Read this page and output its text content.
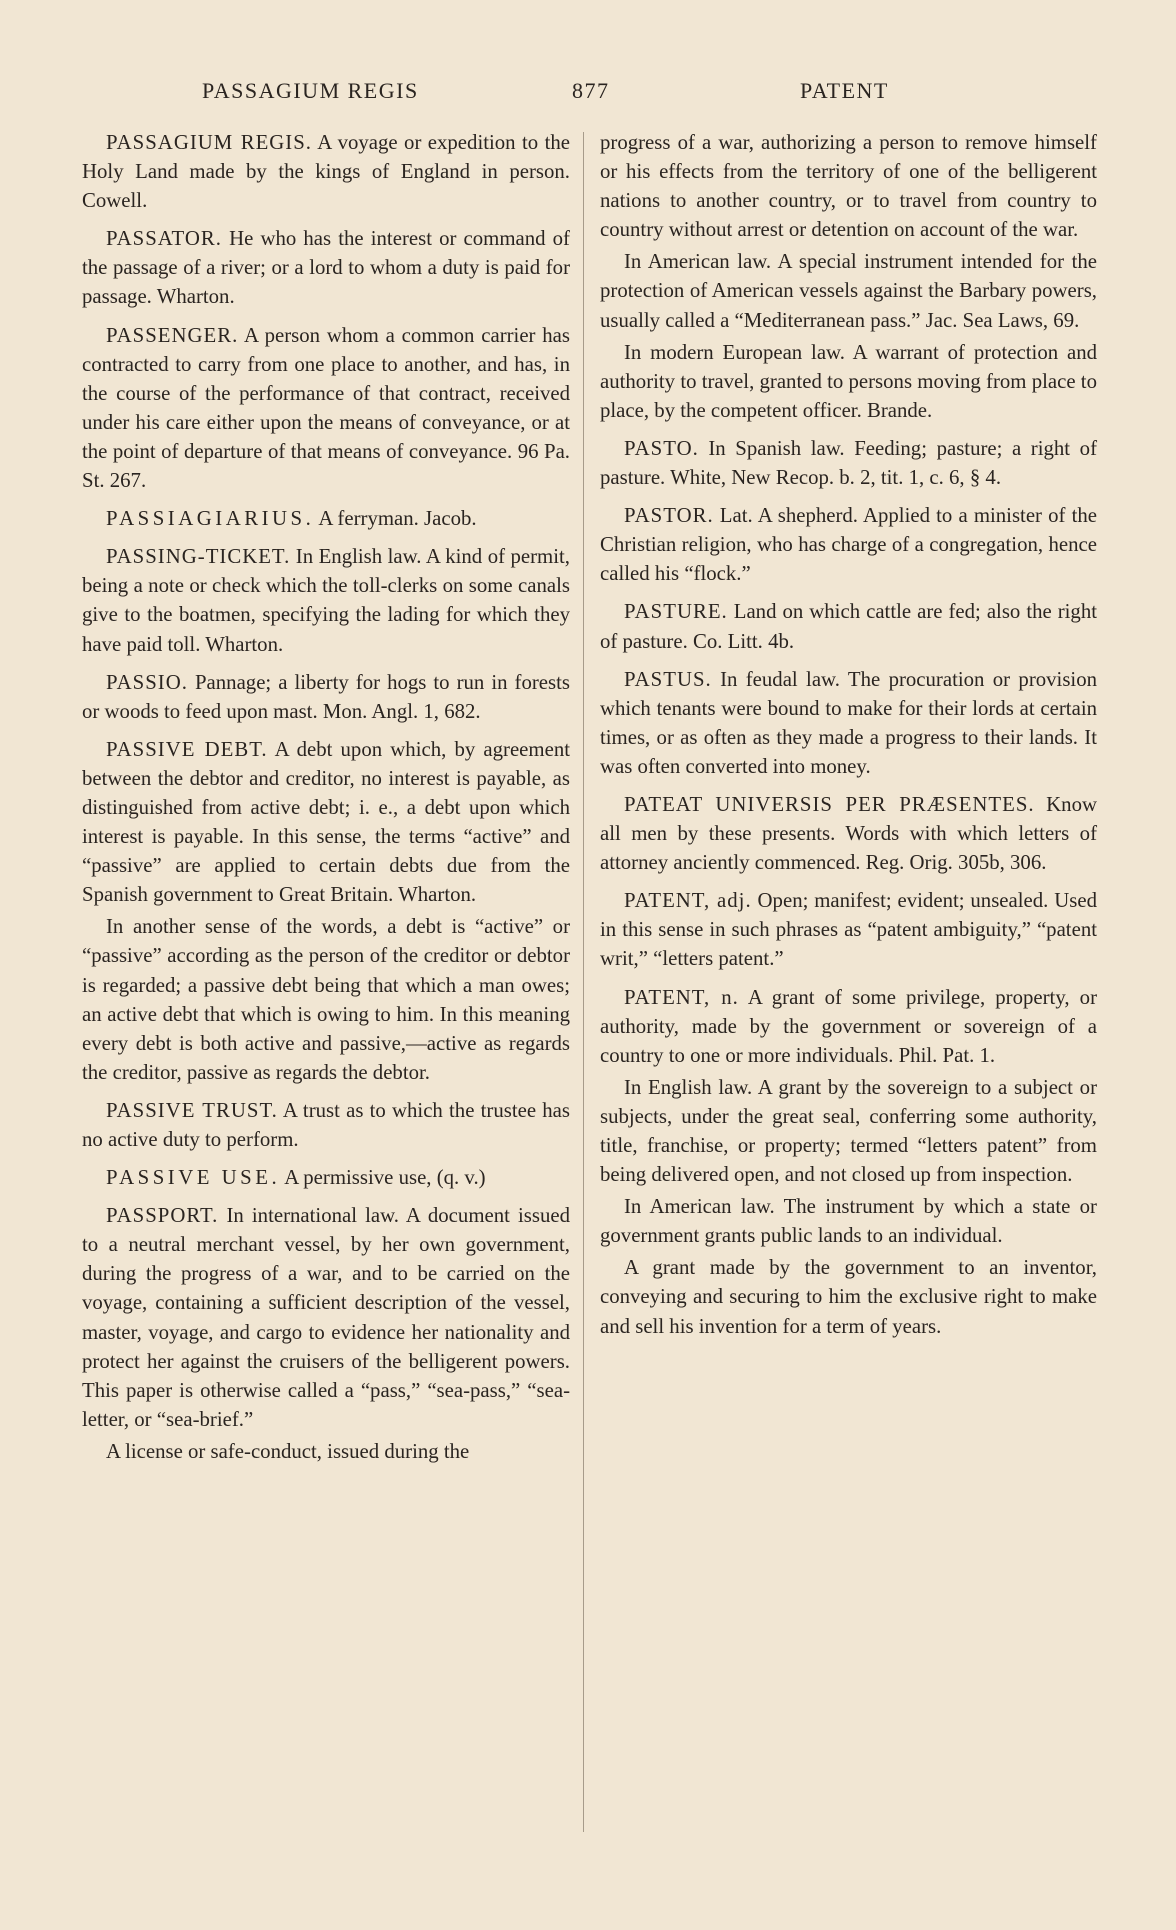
PASSAGIUM REGIS	877	PATENT

PASSAGIUM REGIS. A voyage or expedition to the Holy Land made by the kings of England in person. Cowell.

PASSATOR. He who has the interest or command of the passage of a river; or a lord to whom a duty is paid for passage. Wharton.

PASSENGER. A person whom a common carrier has contracted to carry from one place to another, and has, in the course of the performance of that contract, received under his care either upon the means of conveyance, or at the point of departure of that means of conveyance. 96 Pa. St. 267.

PASSIAGIARIUS. A ferryman. Jacob.

PASSING-TICKET. In English law. A kind of permit, being a note or check which the toll-clerks on some canals give to the boatmen, specifying the lading for which they have paid toll. Wharton.

PASSIO. Pannage; a liberty for hogs to run in forests or woods to feed upon mast. Mon. Angl. 1, 682.

PASSIVE DEBT. A debt upon which, by agreement between the debtor and creditor, no interest is payable, as distinguished from active debt; i. e., a debt upon which interest is payable. In this sense, the terms “active” and “passive” are applied to certain debts due from the Spanish government to Great Britain. Wharton.

In another sense of the words, a debt is “active” or “passive” according as the person of the creditor or debtor is regarded; a passive debt being that which a man owes; an active debt that which is owing to him. In this meaning every debt is both active and passive,—active as regards the creditor, passive as regards the debtor.

PASSIVE TRUST. A trust as to which the trustee has no active duty to perform.

PASSIVE USE. A permissive use, (q. v.)

PASSPORT. In international law. A document issued to a neutral merchant vessel, by her own government, during the progress of a war, and to be carried on the voyage, containing a sufficient description of the vessel, master, voyage, and cargo to evidence her nationality and protect her against the cruisers of the belligerent powers. This paper is otherwise called a “pass,” “sea-pass,” “sea-letter, or “sea-brief.”

A license or safe-conduct, issued during the

progress of a war, authorizing a person to remove himself or his effects from the territory of one of the belligerent nations to another country, or to travel from country to country without arrest or detention on account of the war.

In American law. A special instrument intended for the protection of American vessels against the Barbary powers, usually called a “Mediterranean pass.” Jac. Sea Laws, 69.

In modern European law. A warrant of protection and authority to travel, granted to persons moving from place to place, by the competent officer. Brande.

PASTO. In Spanish law. Feeding; pasture; a right of pasture. White, New Recop. b. 2, tit. 1, c. 6, § 4.

PASTOR. Lat. A shepherd. Applied to a minister of the Christian religion, who has charge of a congregation, hence called his “flock.”

PASTURE. Land on which cattle are fed; also the right of pasture. Co. Litt. 4b.

PASTUS. In feudal law. The procuration or provision which tenants were bound to make for their lords at certain times, or as often as they made a progress to their lands. It was often converted into money.

PATEAT UNIVERSIS PER PRÆSENTES. Know all men by these presents. Words with which letters of attorney anciently commenced. Reg. Orig. 305b, 306.

PATENT, adj. Open; manifest; evident; unsealed. Used in this sense in such phrases as “patent ambiguity,” “patent writ,” “letters patent.”

PATENT, n. A grant of some privilege, property, or authority, made by the government or sovereign of a country to one or more individuals. Phil. Pat. 1.

In English law. A grant by the sovereign to a subject or subjects, under the great seal, conferring some authority, title, franchise, or property; termed “letters patent” from being delivered open, and not closed up from inspection.

In American law. The instrument by which a state or government grants public lands to an individual.

A grant made by the government to an inventor, conveying and securing to him the exclusive right to make and sell his invention for a term of years.
